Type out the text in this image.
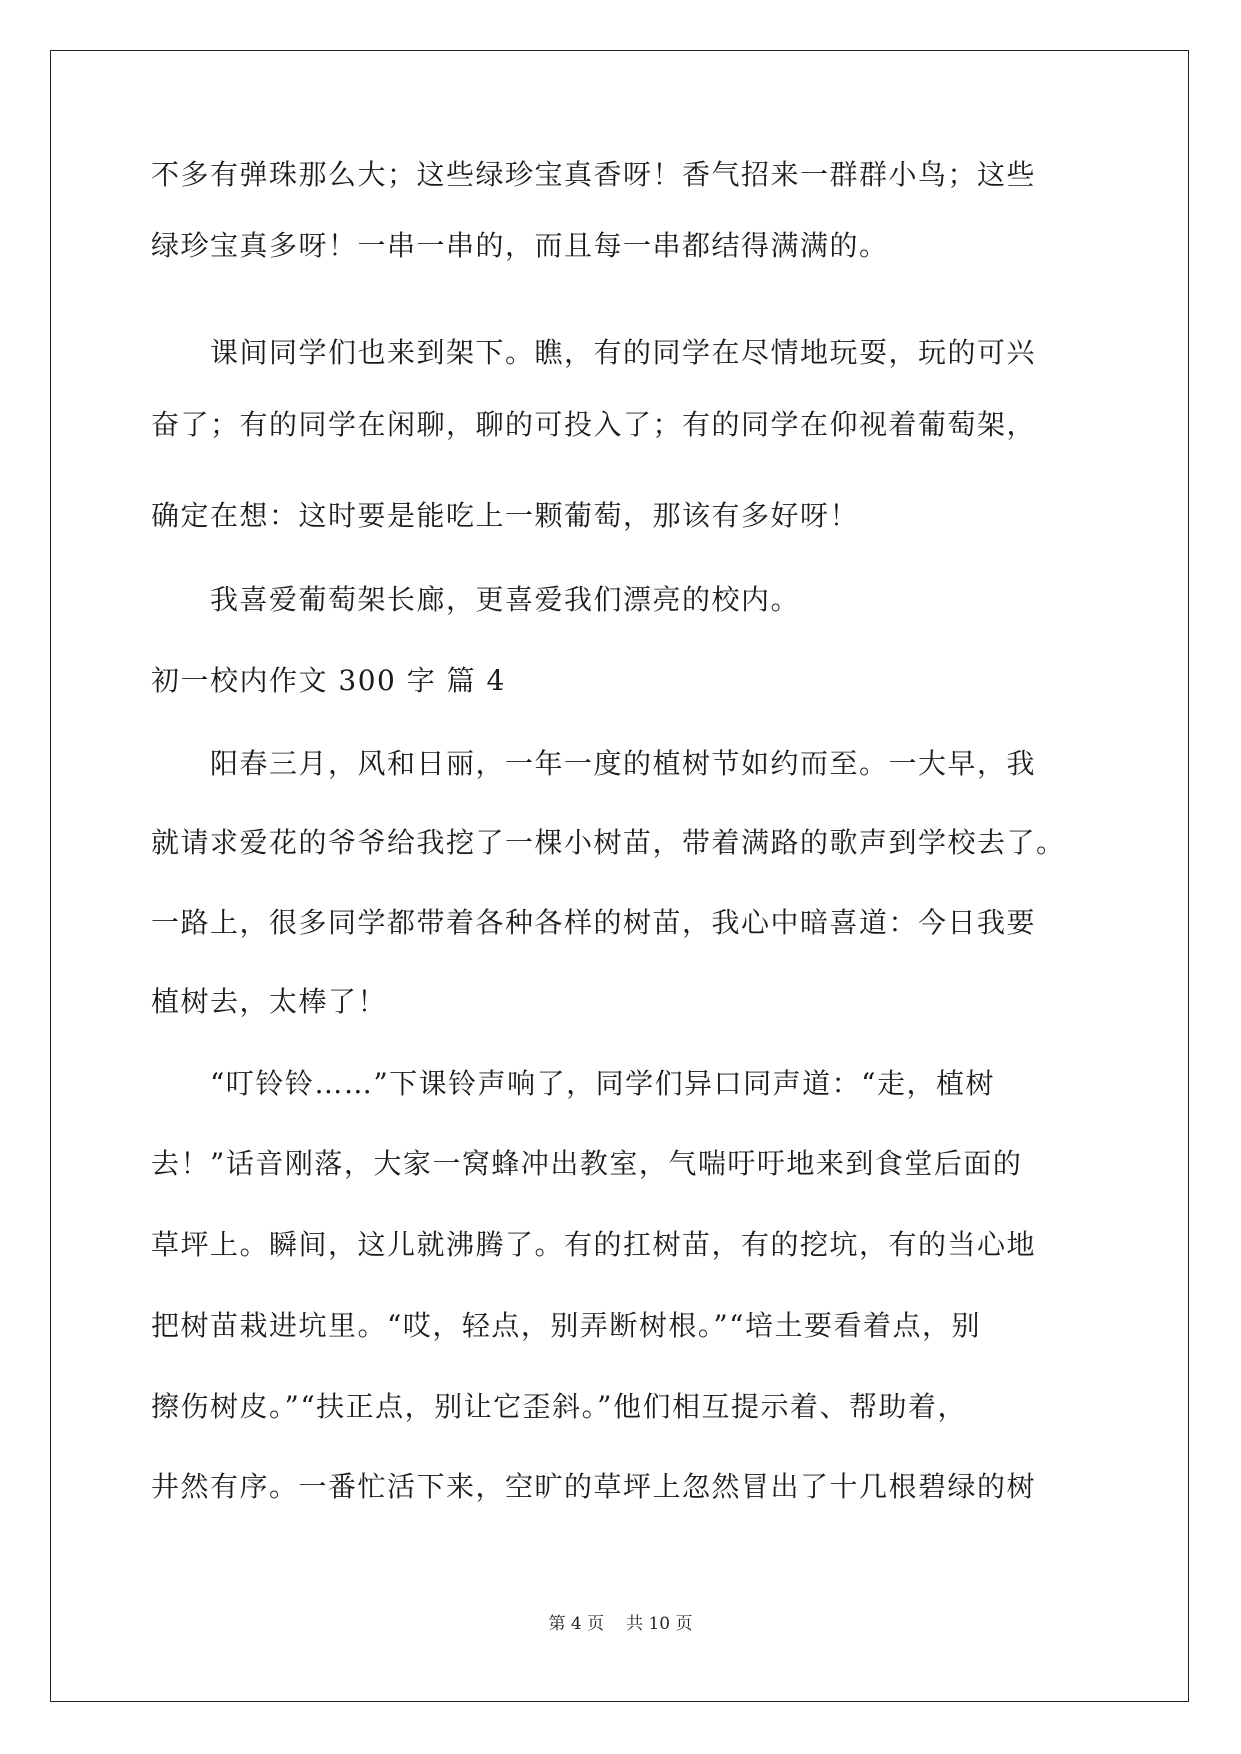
不多有弹珠那么大；这些绿珍宝真香呀！香气招来一群群小鸟；这些
绿珍宝真多呀！一串一串的，而且每一串都结得满满的。
　　课间同学们也来到架下。瞧，有的同学在尽情地玩耍，玩的可兴
奋了；有的同学在闲聊，聊的可投入了；有的同学在仰视着葡萄架，
确定在想：这时要是能吃上一颗葡萄，那该有多好呀！
　　我喜爱葡萄架长廊，更喜爱我们漂亮的校内。
初一校内作文 300 字 篇 4
　　阳春三月，风和日丽，一年一度的植树节如约而至。一大早，我
就请求爱花的爷爷给我挖了一棵小树苗，带着满路的歌声到学校去了。
一路上，很多同学都带着各种各样的树苗，我心中暗喜道：今日我要
植树去，太棒了！
　　“叮铃铃……”下课铃声响了，同学们异口同声道：“走，植树
去！”话音刚落，大家一窝蜂冲出教室，气喘吁吁地来到食堂后面的
草坪上。瞬间，这儿就沸腾了。有的扛树苗，有的挖坑，有的当心地
把树苗栽进坑里。“哎，轻点，别弄断树根。”“培土要看着点，别
擦伤树皮。”“扶正点，别让它歪斜。”他们相互提示着、帮助着，
井然有序。一番忙活下来，空旷的草坪上忽然冒出了十几根碧绿的树
第 4 页 共 10 页
